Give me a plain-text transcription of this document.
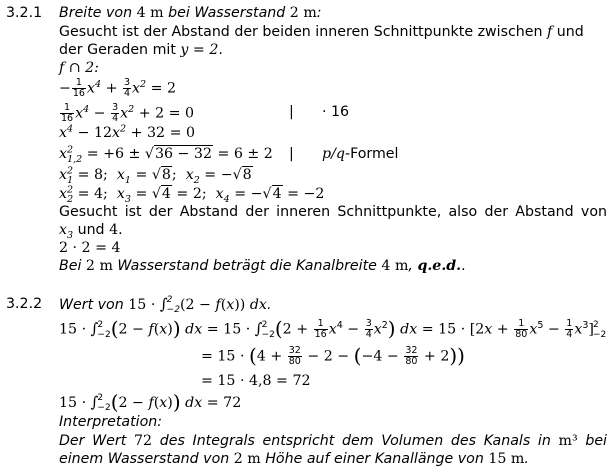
3.2.1 Breite von 4 m bei Wasserstand 2 m:
Gesucht ist der Abstand der beiden inneren Schnittpunkte zwischen f und
der Geraden mit y = 2.
f ∩ 2:
− $\frac{1}{16} x^4 + \frac{3}{4} x^2 = 2$
$\frac{1}{16} x^4 - \frac{3}{4} x^2 + 2 = 0$	| · 16
$x^4 - 12x^2 + 32 = 0$
$x^2_{1,2} = +6 \pm √36 - 32 = 6 \pm 2$ | p/q-Formel
$x^2_1 = 8$;  $x_1 = √8$;  $x_2 = -√8$
$x^2_2 = 4$;  $x_3 = √4 = 2$;  $x_4 = -√4 = -2$
Gesucht ist der Abstand der inneren Schnittpunkte, also der Abstand von
$x_3$ und 4.
2 · 2 = 4
Bei 2 m Wasserstand beträgt die Kanalbreite 4 m, q.e.d..
3.2.2 Wert von 15 · ∫ 2
−2 (2 − f(x)) dx.
15 · ∫ 2
−2 (2 − f(x)) dx = 15 · ∫ 2
−2 $(2 + \frac{1}{16} x^4 - \frac{3}{4} x^2)$ dx = $15 \cdot [2x + \frac{1}{80} x^5 - \frac{1}{4} x^3]$ 2
−2
= $15 \cdot (4 + \frac{32}{80} - 2 - (-4 - \frac{32}{80} + 2))$
= 15 · 4,8 = 72
15 · ∫ 2
−2 (2 − f(x)) dx = 72
Interpretation:
Der Wert 72 des Integrals entspricht dem Volumen des Kanals in m³ bei
einem Wasserstand von 2 m Höhe auf einer Kanallänge von 15 m.
